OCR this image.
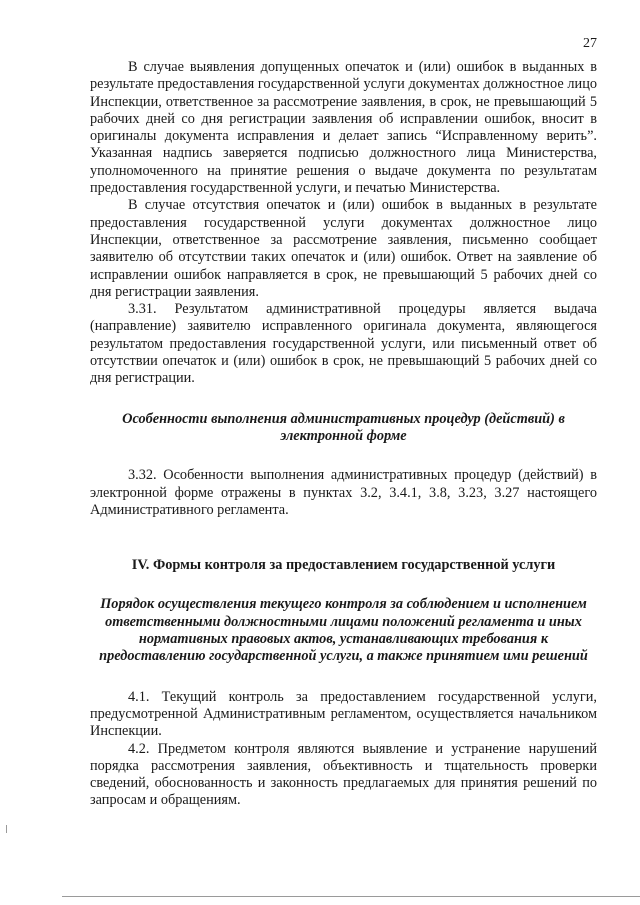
27

В случае выявления допущенных опечаток и (или) ошибок в выданных в результате предоставления государственной услуги документах должностное лицо Инспекции, ответственное за рассмотрение заявления, в срок, не превышающий 5 рабочих дней со дня регистрации заявления об исправлении ошибок, вносит в оригиналы документа исправления и делает запись “Исправленному верить”. Указанная надпись заверяется подписью должностного лица Министерства, уполномоченного на принятие решения о выдаче документа по результатам предоставления государственной услуги, и печатью Министерства.

В случае отсутствия опечаток и (или) ошибок в выданных в результате предоставления государственной услуги документах должностное лицо Инспекции, ответственное за рассмотрение заявления, письменно сообщает заявителю об отсутствии таких опечаток и (или) ошибок. Ответ на заявление об исправлении ошибок направляется в срок, не превышающий 5 рабочих дней со дня регистрации заявления.

3.31. Результатом административной процедуры является выдача (направление) заявителю исправленного оригинала документа, являющегося результатом предоставления государственной услуги, или письменный ответ об отсутствии опечаток и (или) ошибок в срок, не превышающий 5 рабочих дней со дня регистрации.

Особенности выполнения административных процедур (действий) в электронной форме

3.32. Особенности выполнения административных процедур (действий) в электронной форме отражены в пунктах 3.2, 3.4.1, 3.8, 3.23, 3.27 настоящего Административного регламента.

IV. Формы контроля за предоставлением государственной услуги
Порядок осуществления текущего контроля за соблюдением и исполнением ответственными должностными лицами положений регламента и иных нормативных правовых актов, устанавливающих требования к предоставлению государственной услуги, а также принятием ими решений

4.1. Текущий контроль за предоставлением государственной услуги, предусмотренной Административным регламентом, осуществляется начальником Инспекции.

4.2. Предметом контроля являются выявление и устранение нарушений порядка рассмотрения заявления, объективность и тщательность проверки сведений, обоснованность и законность предлагаемых для принятия решений по запросам и обращениям.
